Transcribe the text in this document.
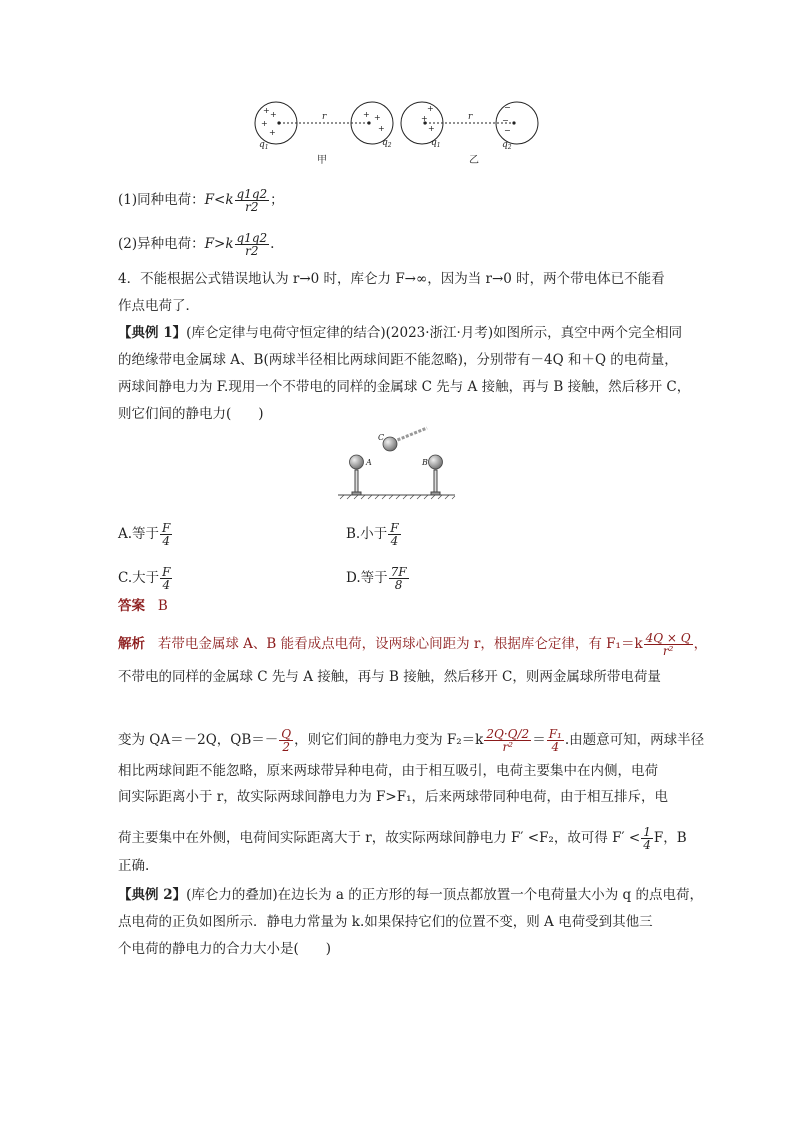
+
+
+
+	+ +
+
+
+
+
−
−
−
r	r
$q_1$	$q_2$	$q_1$	$q_2$
甲	乙
(1)同种电荷：$F<k \frac{q1q2}{r2}$ ；
(2)异种电荷：$F>k \frac{q1q2}{r2}$ .
4．不能根据公式错误地认为 r→0 时，库仑力 F→∞，因为当 r→0 时，两个带电体已不能看
作点电荷了．
【典例 1】(库仑定律与电荷守恒定律的结合)(2023·浙江·月考)如图所示，真空中两个完全相同
的绝缘带电金属球 A、B(两球半径相比两球间距不能忽略)，分别带有－4Q 和＋Q 的电荷量，
两球间静电力为 F.现用一个不带电的同样的金属球 C 先与 A 接触，再与 B 接触，然后移开 C，
则它们间的静电力(　　)
A	B
C
A.等于 $\frac{F}{4}$	B.小于 $\frac{F}{4}$
C.大于 $\frac{F}{4}$	D.等于 $\frac{7F}{8}$
答案 B
解析 若带电金属球 A、B 能看成点电荷，设两球心间距为 r，根据库仑定律，有 $F_1=k \frac{4Q \times Q}{\text{r²}}$ ，
不带电的同样的金属球 C 先与 A 接触，再与 B 接触，然后移开 C，则两金属球所带电荷量
变为 QA＝－2Q，$QB=- \frac{Q}{2}$ ，则它们间的静电力变为 $F_2=k \frac{2Q\cdot Q/2}{\text{r²}} = \frac{\text{F₁}}{4}$ .由题意可知，两球半径
相比两球间距不能忽略，原来两球带异种电荷，由于相互吸引，电荷主要集中在内侧，电荷
间实际距离小于 r，故实际两球间静电力为 F>F₁，后来两球带同种电荷，由于相互排斥，电
荷主要集中在外侧，电荷间实际距离大于 r，故实际两球间静电力 F′ <F₂，故可得 $F' < \frac{1}{4}$ F，B
正确.
【典例 2】(库仑力的叠加)在边长为 a 的正方形的每一顶点都放置一个电荷量大小为 q 的点电荷，
点电荷的正负如图所示．静电力常量为 k.如果保持它们的位置不变，则 A 电荷受到其他三
个电荷的静电力的合力大小是(　　)
